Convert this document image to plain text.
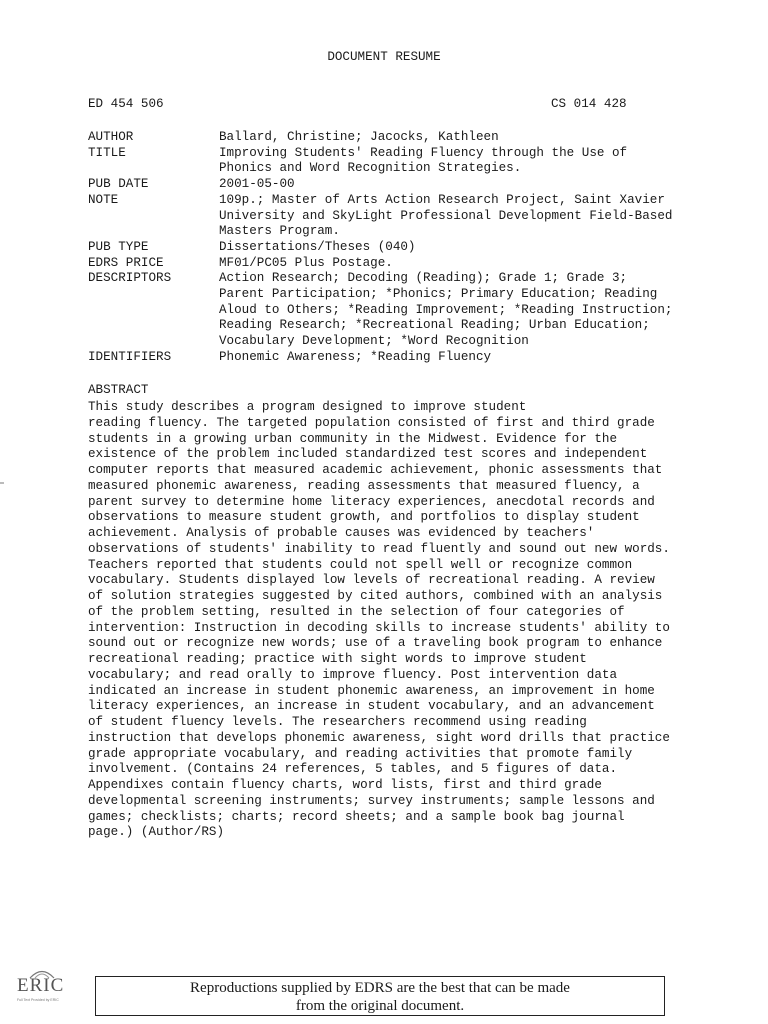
DOCUMENT RESUME
ED 454 506	CS 014 428
AUTHOR	Ballard, Christine; Jacocks, Kathleen
TITLE	Improving Students' Reading Fluency through the Use of
Phonics and Word Recognition Strategies.
PUB DATE	2001-05-00
NOTE	109p.; Master of Arts Action Research Project, Saint Xavier
University and SkyLight Professional Development Field-Based
Masters Program.
PUB TYPE	Dissertations/Theses (040)
EDRS PRICE	MF01/PC05 Plus Postage.
DESCRIPTORS	Action Research; Decoding (Reading); Grade 1; Grade 3;
Parent Participation; *Phonics; Primary Education; Reading
Aloud to Others; *Reading Improvement; *Reading Instruction;
Reading Research; *Recreational Reading; Urban Education;
Vocabulary Development; *Word Recognition
IDENTIFIERS	Phonemic Awareness; *Reading Fluency
ABSTRACT
This study describes a program designed to improve student
reading fluency. The targeted population consisted of first and third grade
students in a growing urban community in the Midwest. Evidence for the
existence of the problem included standardized test scores and independent
computer reports that measured academic achievement, phonic assessments that
measured phonemic awareness, reading assessments that measured fluency, a
parent survey to determine home literacy experiences, anecdotal records and
observations to measure student growth, and portfolios to display student
achievement. Analysis of probable causes was evidenced by teachers'
observations of students' inability to read fluently and sound out new words.
Teachers reported that students could not spell well or recognize common
vocabulary. Students displayed low levels of recreational reading. A review
of solution strategies suggested by cited authors, combined with an analysis
of the problem setting, resulted in the selection of four categories of
intervention: Instruction in decoding skills to increase students' ability to
sound out or recognize new words; use of a traveling book program to enhance
recreational reading; practice with sight words to improve student
vocabulary; and read orally to improve fluency. Post intervention data
indicated an increase in student phonemic awareness, an improvement in home
literacy experiences, an increase in student vocabulary, and an advancement
of student fluency levels. The researchers recommend using reading
instruction that develops phonemic awareness, sight word drills that practice
grade appropriate vocabulary, and reading activities that promote family
involvement. (Contains 24 references, 5 tables, and 5 figures of data.
Appendixes contain fluency charts, word lists, first and third grade
developmental screening instruments; survey instruments; sample lessons and
games; checklists; charts; record sheets; and a sample book bag journal
page.) (Author/RS)
ERIC
Full Text Provided by ERIC
Reproductions supplied by EDRS are the best that can be made
from the original document.
